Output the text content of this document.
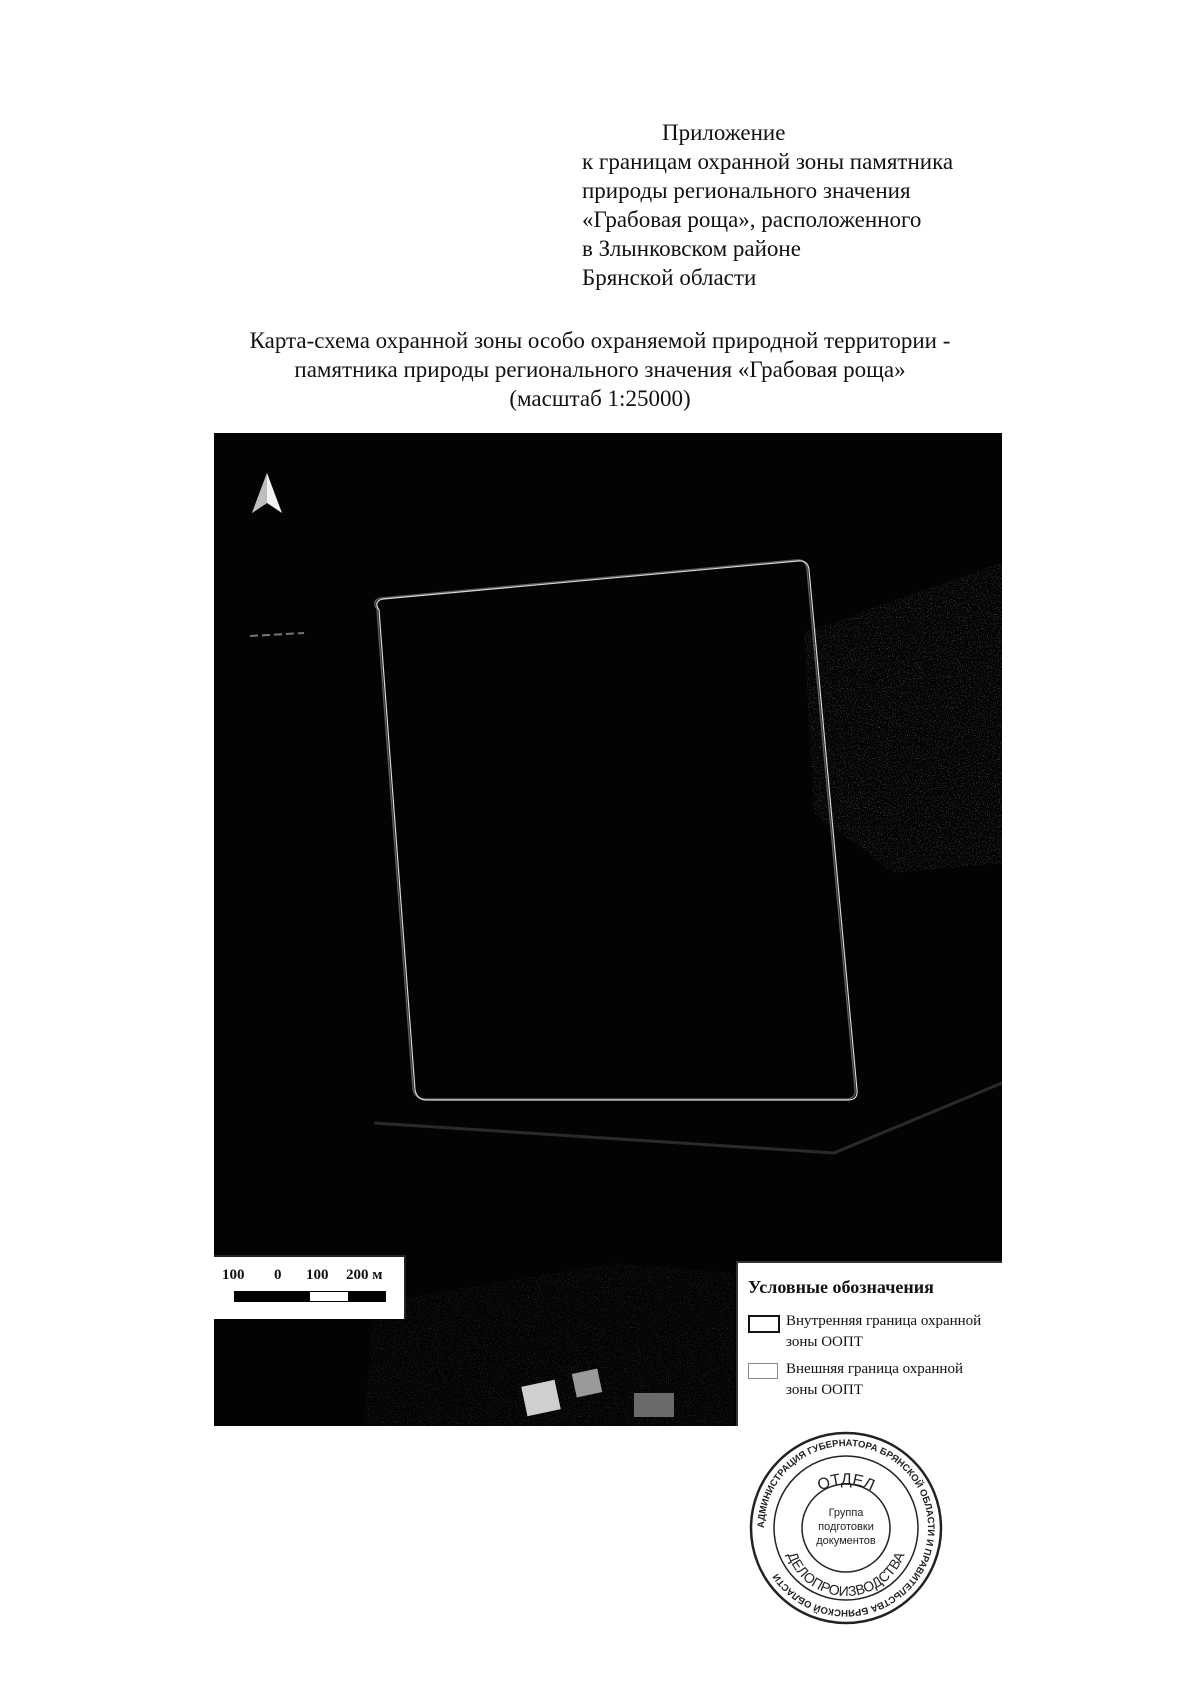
Приложение
к границам охранной зоны памятника
природы регионального значения
«Грабовая роща», расположенного
в Злынковском районе
Брянской области
Карта-схема охранной зоны особо охраняемой природной территории -
памятника природы регионального значения «Грабовая роща»
(масштаб 1:25000)
100 0 100 200 м
Условные обозначения
Внутренняя граница охранной зоны ООПТ
Внешняя граница охранной зоны ООПТ
АДМИНИСТРАЦИЯ ГУБЕРНАТОРА БРЯНСКОЙ ОБЛАСТИ И ПРАВИТЕЛЬСТВА БРЯНСКОЙ ОБЛАСТИ
ОТДЕЛ
ДЕЛОПРОИЗВОДСТВА
Группа
подготовки
документов
